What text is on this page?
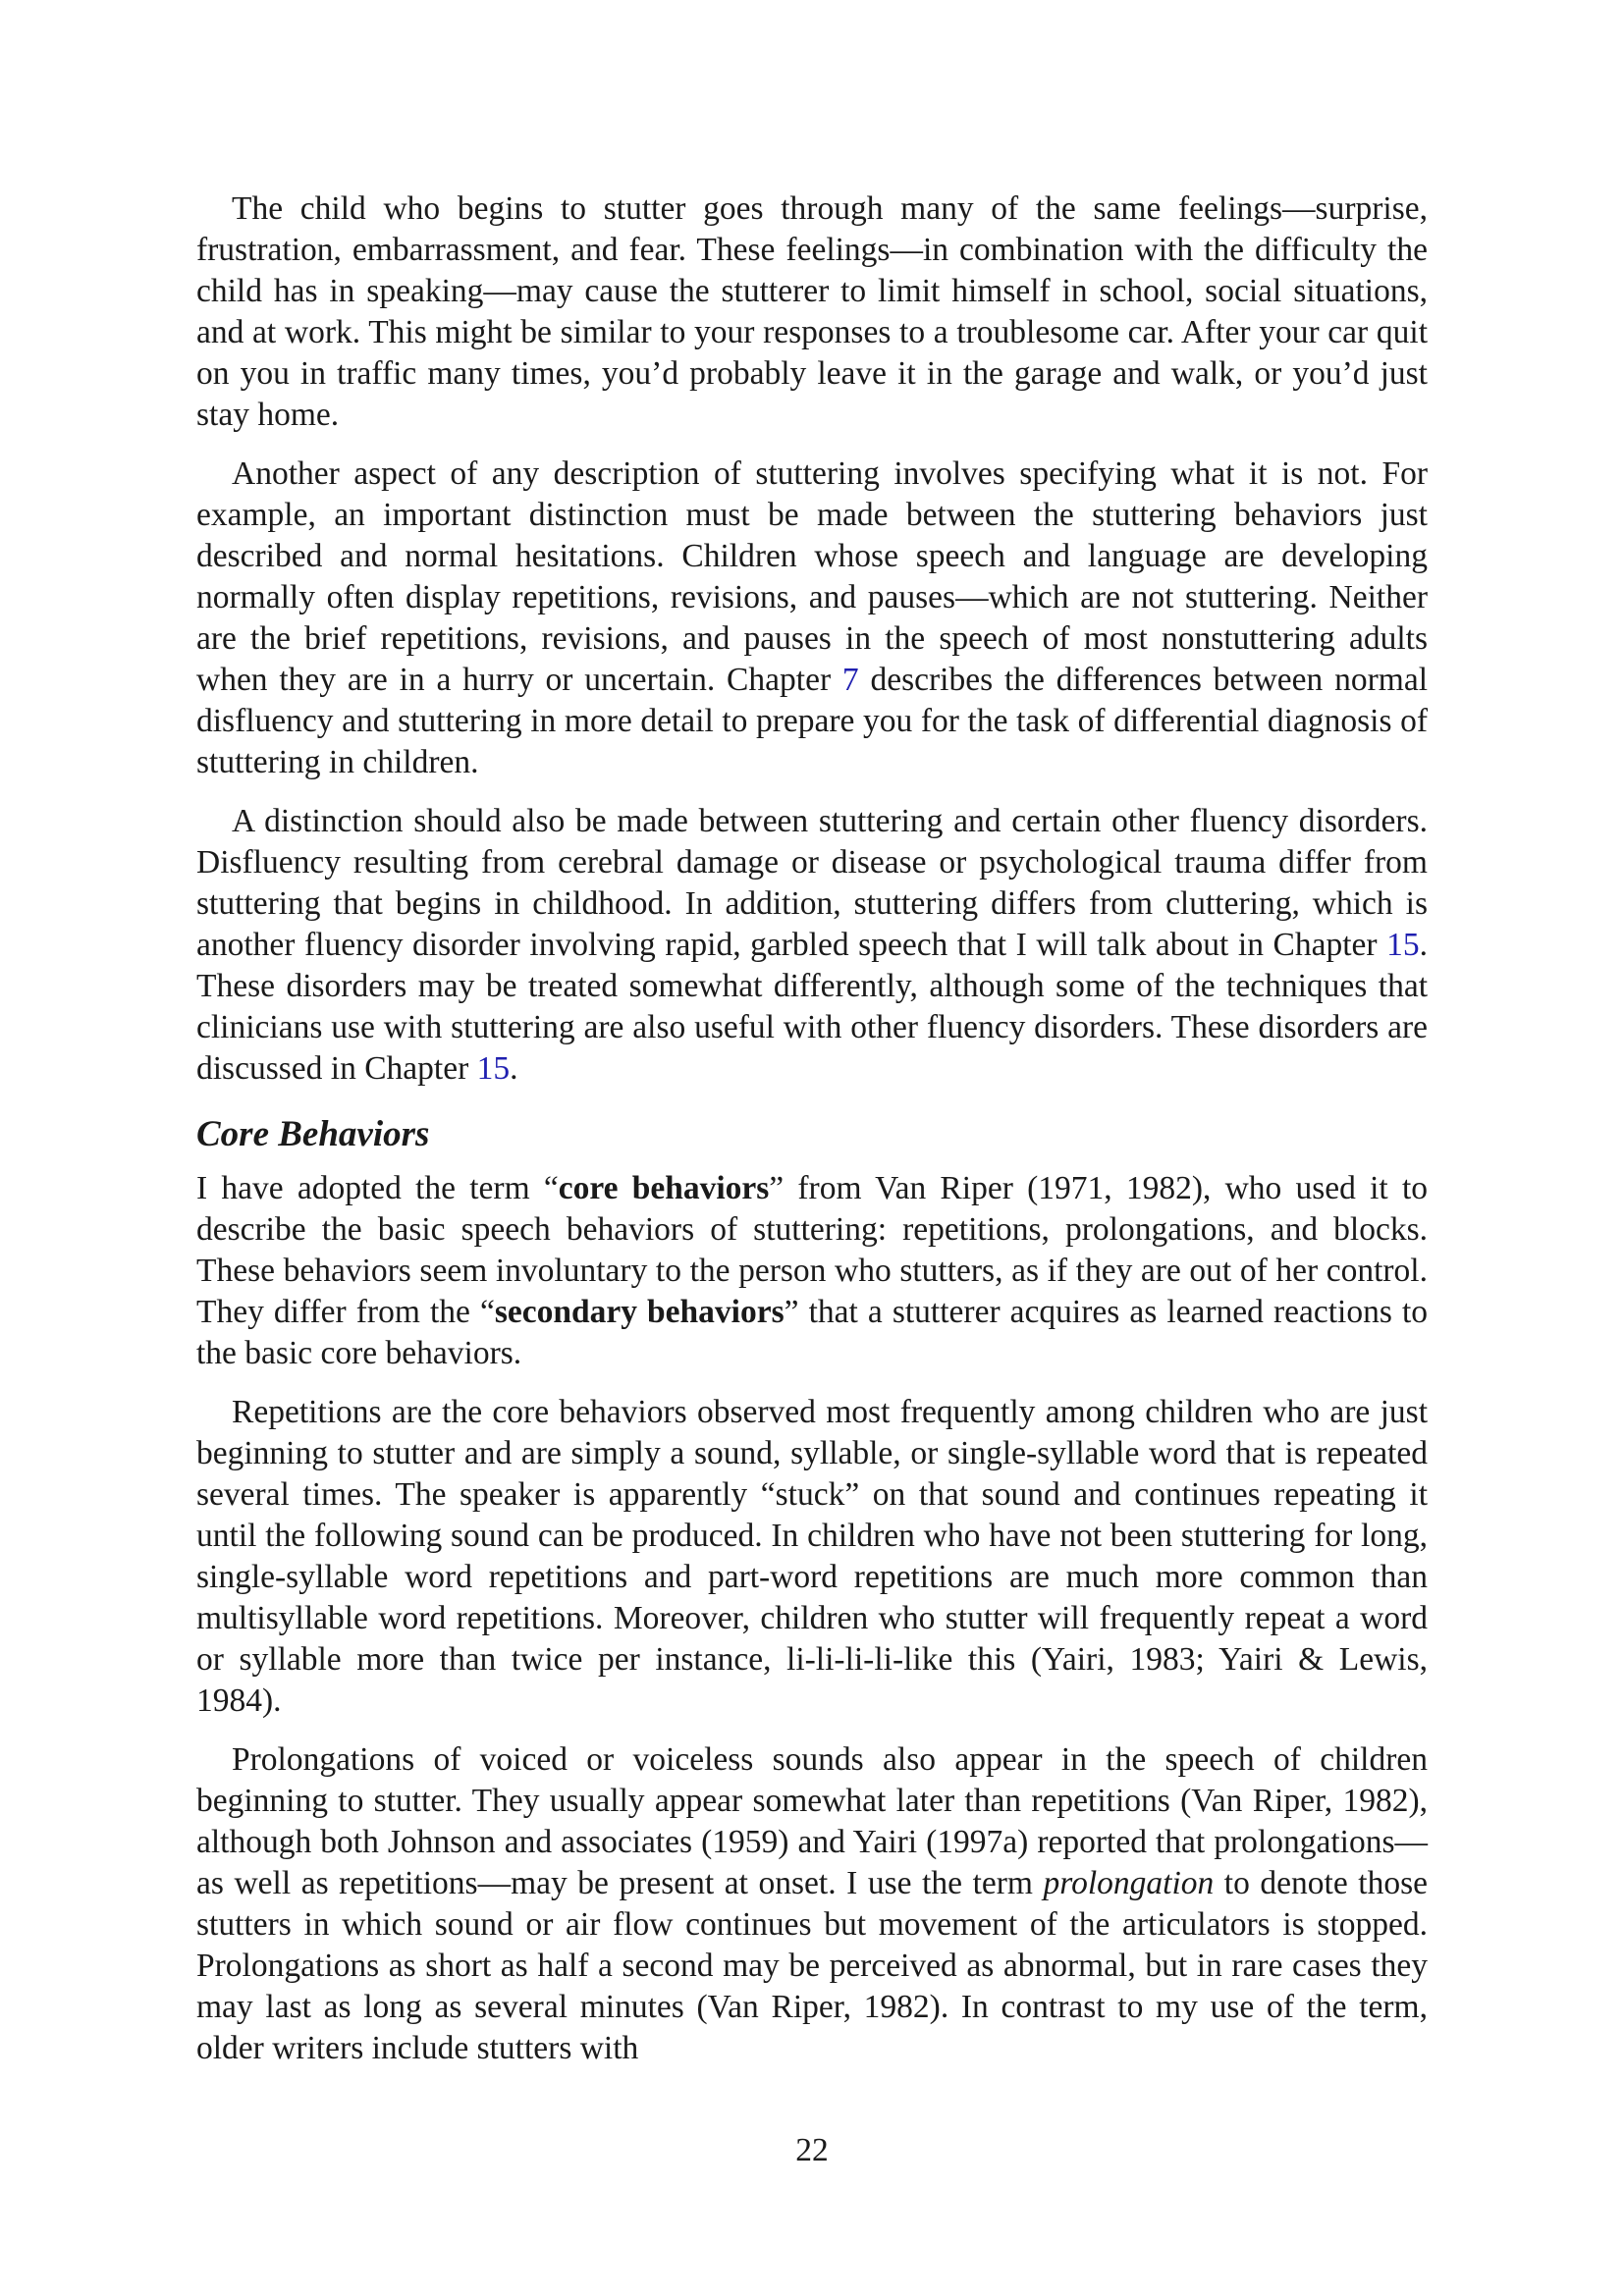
The child who begins to stutter goes through many of the same feelings—surprise, frustration, embarrassment, and fear. These feelings—in combination with the difficulty the child has in speaking—may cause the stutterer to limit himself in school, social situations, and at work. This might be similar to your responses to a troublesome car. After your car quit on you in traffic many times, you’d probably leave it in the garage and walk, or you’d just stay home.

Another aspect of any description of stuttering involves specifying what it is not. For example, an important distinction must be made between the stuttering behaviors just described and normal hesitations. Children whose speech and language are developing normally often display repetitions, revisions, and pauses—which are not stuttering. Neither are the brief repetitions, revisions, and pauses in the speech of most nonstuttering adults when they are in a hurry or uncertain. Chapter 7 describes the differences between normal disfluency and stuttering in more detail to prepare you for the task of differential diagnosis of stuttering in children.

A distinction should also be made between stuttering and certain other fluency disorders. Disfluency resulting from cerebral damage or disease or psychological trauma differ from stuttering that begins in childhood. In addition, stuttering differs from cluttering, which is another fluency disorder involving rapid, garbled speech that I will talk about in Chapter 15. These disorders may be treated somewhat differently, although some of the techniques that clinicians use with stuttering are also useful with other fluency disorders. These disorders are discussed in Chapter 15.

Core Behaviors

I have adopted the term “core behaviors” from Van Riper (1971, 1982), who used it to describe the basic speech behaviors of stuttering: repetitions, prolongations, and blocks. These behaviors seem involuntary to the person who stutters, as if they are out of her control. They differ from the “secondary behaviors” that a stutterer acquires as learned reactions to the basic core behaviors.

Repetitions are the core behaviors observed most frequently among children who are just beginning to stutter and are simply a sound, syllable, or single-syllable word that is repeated several times. The speaker is apparently “stuck” on that sound and continues repeating it until the following sound can be produced. In children who have not been stuttering for long, single-syllable word repetitions and part-word repetitions are much more common than multisyllable word repetitions. Moreover, children who stutter will frequently repeat a word or syllable more than twice per instance, li-li-li-li-like this (Yairi, 1983; Yairi & Lewis, 1984).

Prolongations of voiced or voiceless sounds also appear in the speech of children beginning to stutter. They usually appear somewhat later than repetitions (Van Riper, 1982), although both Johnson and associates (1959) and Yairi (1997a) reported that prolongations—as well as repetitions—may be present at onset. I use the term prolongation to denote those stutters in which sound or air flow continues but movement of the articulators is stopped. Prolongations as short as half a second may be perceived as abnormal, but in rare cases they may last as long as several minutes (Van Riper, 1982). In contrast to my use of the term, older writers include stutters with

22
